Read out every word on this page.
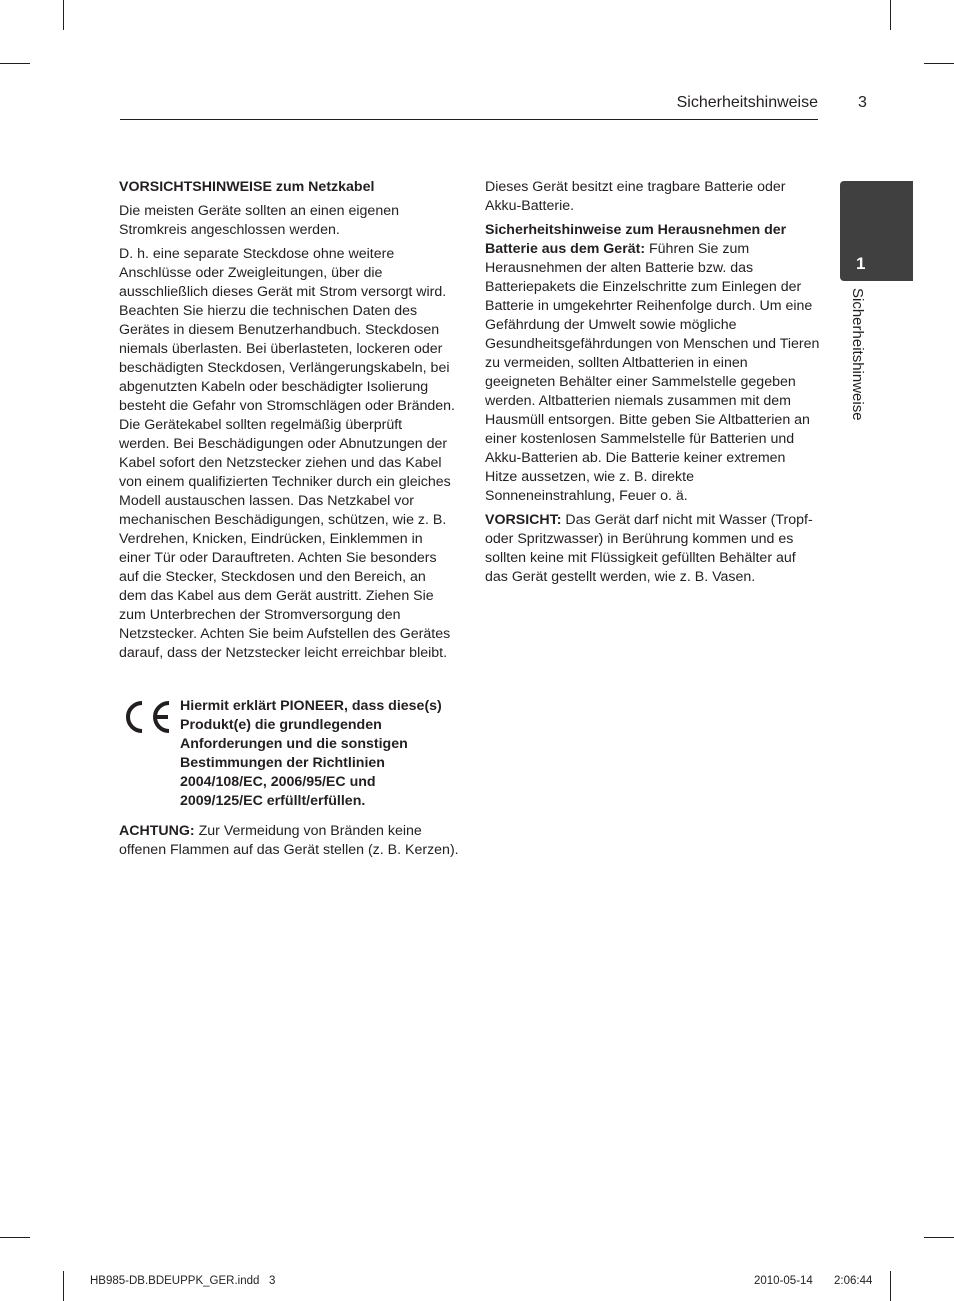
Sicherheitshinweise	3
1
Sicherheitshinweise

VORSICHTSHINWEISE zum Netzkabel

Die meisten Geräte sollten an einen eigenen Stromkreis angeschlossen werden.

D. h. eine separate Steckdose ohne weitere Anschlüsse oder Zweigleitungen, über die ausschließlich dieses Gerät mit Strom versorgt wird. Beachten Sie hierzu die technischen Daten des Gerätes in diesem Benutzerhandbuch. Steckdosen niemals überlasten. Bei überlasteten, lockeren oder beschädigten Steckdosen, Verlängerungskabeln, bei abgenutzten Kabeln oder beschädigter Isolierung besteht die Gefahr von Stromschlägen oder Bränden. Die Gerätekabel sollten regelmäßig überprüft werden. Bei Beschädigungen oder Abnutzungen der Kabel sofort den Netzstecker ziehen und das Kabel von einem qualifizierten Techniker durch ein gleiches Modell austauschen lassen. Das Netzkabel vor mechanischen Beschädigungen, schützen, wie z. B. Verdrehen, Knicken, Eindrücken, Einklemmen in einer Tür oder Darauftreten. Achten Sie besonders auf die Stecker, Steckdosen und den Bereich, an dem das Kabel aus dem Gerät austritt. Ziehen Sie zum Unterbrechen der Stromversorgung den Netzstecker. Achten Sie beim Aufstellen des Gerätes darauf, dass der Netzstecker leicht erreichbar bleibt.

Hiermit erklärt PIONEER, dass diese(s) Produkt(e) die grundlegenden Anforderungen und die sonstigen Bestimmungen der Richtlinien 2004/108/EC, 2006/95/EC und 2009/125/EC erfüllt/erfüllen.
ACHTUNG: Zur Vermeidung von Bränden keine offenen Flammen auf das Gerät stellen (z. B. Kerzen).

Dieses Gerät besitzt eine tragbare Batterie oder Akku-Batterie.

Sicherheitshinweise zum Herausnehmen der Batterie aus dem Gerät: Führen Sie zum Herausnehmen der alten Batterie bzw. das Batteriepakets die Einzelschritte zum Einlegen der Batterie in umgekehrter Reihenfolge durch. Um eine Gefährdung der Umwelt sowie mögliche Gesundheitsgefährdungen von Menschen und Tieren zu vermeiden, sollten Altbatterien in einen geeigneten Behälter einer Sammelstelle gegeben werden. Altbatterien niemals zusammen mit dem Hausmüll entsorgen. Bitte geben Sie Altbatterien an einer kostenlosen Sammelstelle für Batterien und Akku-Batterien ab. Die Batterie keiner extremen Hitze aussetzen, wie z. B. direkte Sonneneinstrahlung, Feuer o. ä.

VORSICHT: Das Gerät darf nicht mit Wasser (Tropf- oder Spritzwasser) in Berührung kommen und es sollten keine mit Flüssigkeit gefüllten Behälter auf das Gerät gestellt werden, wie z. B. Vasen.

HB985-DB.BDEUPPK_GER.indd   3	2010-05-14 2:06:44
